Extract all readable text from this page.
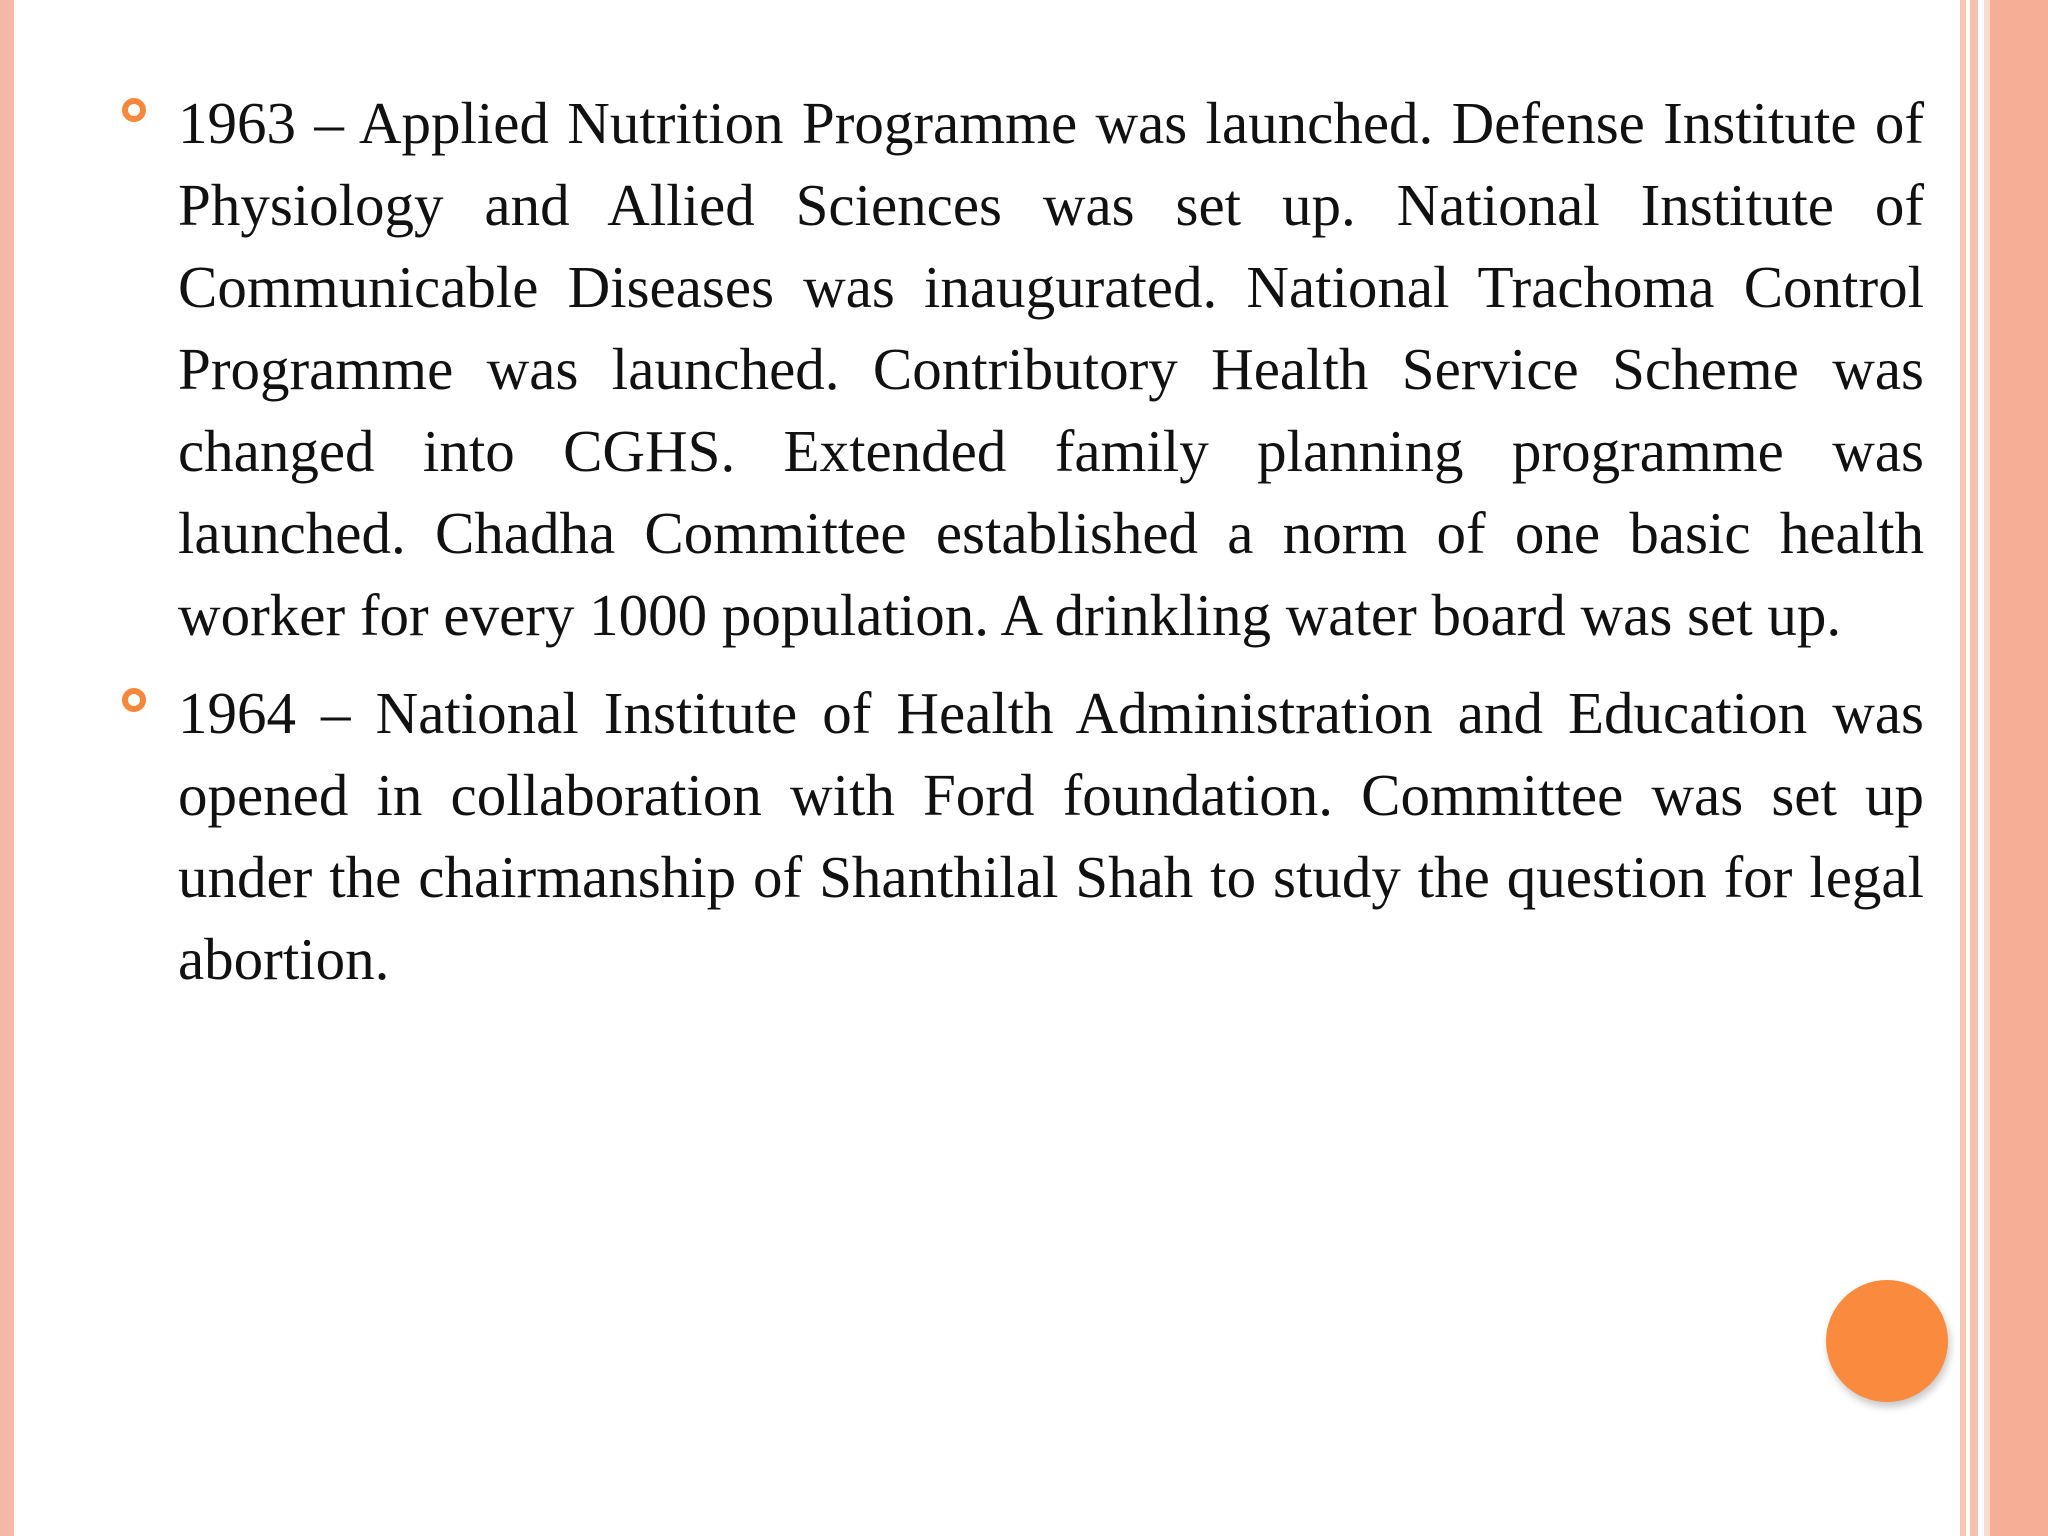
1963 – Applied Nutrition Programme was launched. Defense Institute of Physiology and Allied Sciences was set up. National Institute of Communicable Diseases was inaugurated. National Trachoma Control Programme was launched. Contributory Health Service Scheme was changed into CGHS. Extended family planning programme was launched. Chadha Committee established a norm of one basic health worker for every 1000 population. A drinkling water board was set up.

1964 – National Institute of Health Administration and Education was opened in collaboration with Ford foundation. Committee was set up under the chairmanship of Shanthilal Shah to study the question for legal abortion.
